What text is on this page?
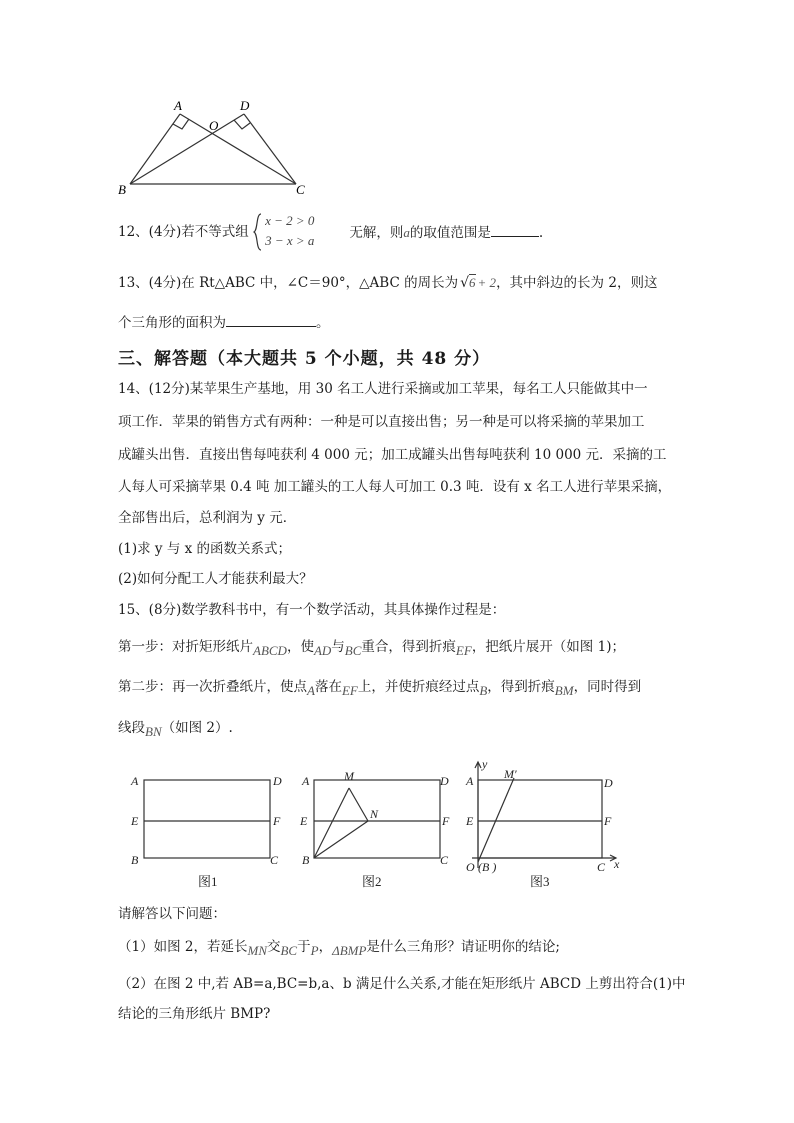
A	D
O
B	C
12、(4分)若不等式组
x − 2 > 0
3 − x > a	无解，则a的取值范围是	.
13、(4分)在 Rt△ABC 中，∠C＝90°，△ABC 的周长为 √6 + 2，其中斜边的长为 2，则这
个三角形的面积为	。
三、解答题（本大题共 5 个小题，共 48 分）
14、(12分)某苹果生产基地，用 30 名工人进行采摘或加工苹果，每名工人只能做其中一
项工作．苹果的销售方式有两种：一种是可以直接出售；另一种是可以将采摘的苹果加工
成罐头出售．直接出售每吨获利 4 000 元；加工成罐头出售每吨获利 10 000 元．采摘的工
人每人可采摘苹果 0.4 吨 加工罐头的工人每人可加工 0.3 吨．设有 x 名工人进行苹果采摘，
全部售出后，总利润为 y 元．
(1)求 y 与 x 的函数关系式；
(2)如何分配工人才能获利最大？
15、(8分)数学教科书中，有一个数学活动，其具体操作过程是：
第一步：对折矩形纸片ABCD，使AD与BC重合，得到折痕EF，把纸片展开（如图 1)；
第二步：再一次折叠纸片，使点A落在EF上，并使折痕经过点B，得到折痕BM，同时得到
线段BN（如图 2）.
A	D
E	F
B	C
A	M	D
N
E	F
B	C
y
M′
A	D
E	F
O (B )	C x
图1	图2	图3
请解答以下问题：
（1）如图 2，若延长MN交BC于P，ΔBMP是什么三角形？请证明你的结论;
（2）在图 2 中,若 AB=a,BC=b,a、b 满足什么关系,才能在矩形纸片 ABCD 上剪出符合(1)中
结论的三角形纸片 BMP?
